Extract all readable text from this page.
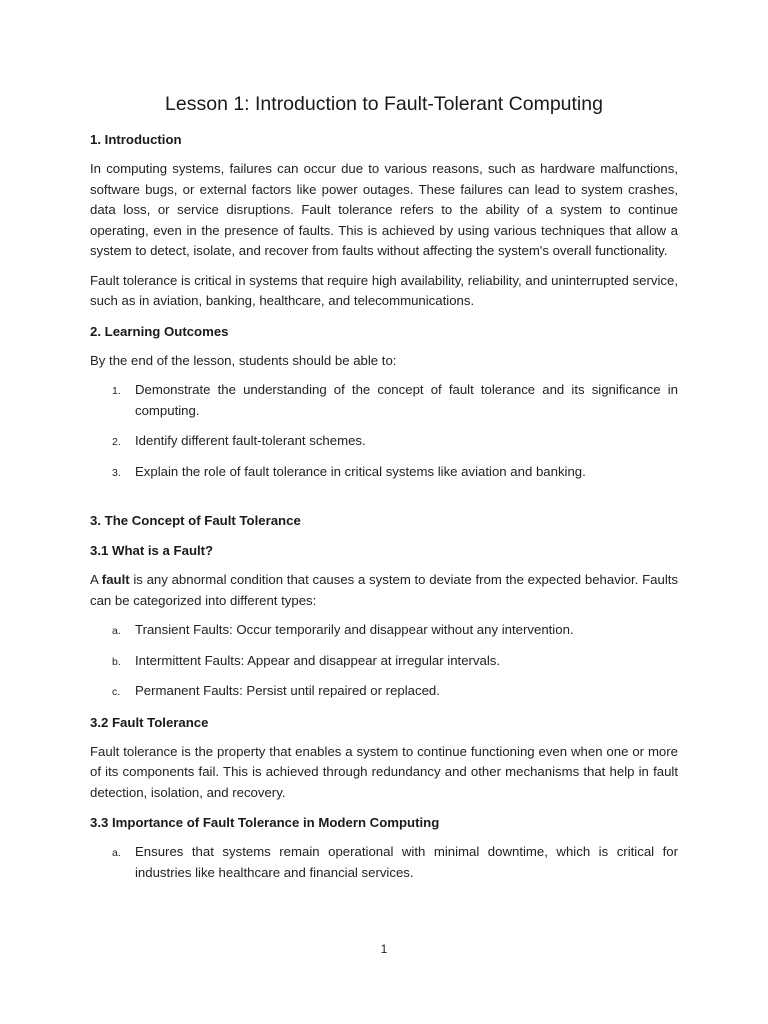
Lesson 1: Introduction to Fault-Tolerant Computing
1. Introduction

In computing systems, failures can occur due to various reasons, such as hardware malfunctions, software bugs, or external factors like power outages. These failures can lead to system crashes, data loss, or service disruptions. Fault tolerance refers to the ability of a system to continue operating, even in the presence of faults. This is achieved by using various techniques that allow a system to detect, isolate, and recover from faults without affecting the system's overall functionality.

Fault tolerance is critical in systems that require high availability, reliability, and uninterrupted service, such as in aviation, banking, healthcare, and telecommunications.

2. Learning Outcomes

By the end of the lesson, students should be able to:

1. Demonstrate the understanding of the concept of fault tolerance and its significance in computing.
2. Identify different fault-tolerant schemes.
3. Explain the role of fault tolerance in critical systems like aviation and banking.
3. The Concept of Fault Tolerance
3.1 What is a Fault?

A fault is any abnormal condition that causes a system to deviate from the expected behavior. Faults can be categorized into different types:

a. Transient Faults: Occur temporarily and disappear without any intervention.
b. Intermittent Faults: Appear and disappear at irregular intervals.
c. Permanent Faults: Persist until repaired or replaced.
3.2 Fault Tolerance

Fault tolerance is the property that enables a system to continue functioning even when one or more of its components fail. This is achieved through redundancy and other mechanisms that help in fault detection, isolation, and recovery.

3.3 Importance of Fault Tolerance in Modern Computing
a. Ensures that systems remain operational with minimal downtime, which is critical for industries like healthcare and financial services.
1
